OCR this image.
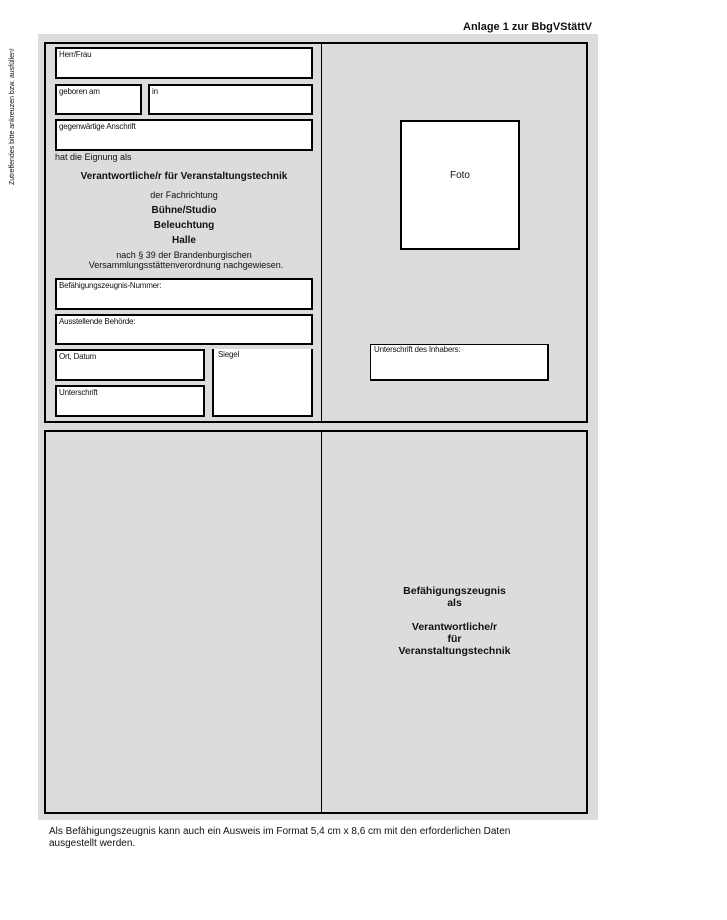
Anlage 1 zur BbgVStättV
Zutreffendes bitte ankreuzen bzw. ausfüllen!	Herr/Frau
geboren am	in
gegenwärtige Anschrift
hat die Eignung als
Verantwortliche/r für Veranstaltungstechnik
der Fachrichtung
Bühne/Studio
Beleuchtung
Halle
nach § 39 der Brandenburgischen
Versammlungsstättenverordnung nachgewiesen.
Befähigungszeugnis-Nummer:
Ausstellende Behörde:
Ort, Datum	Siegel
Unterschrift
Foto
Unterschrift des Inhabers:
Befähigungszeugnis
als
Verantwortliche/r
für
Veranstaltungstechnik
Als Befähigungszeugnis kann auch ein Ausweis im Format 5,4 cm x 8,6 cm mit den erforderlichen Daten ausgestellt werden.
